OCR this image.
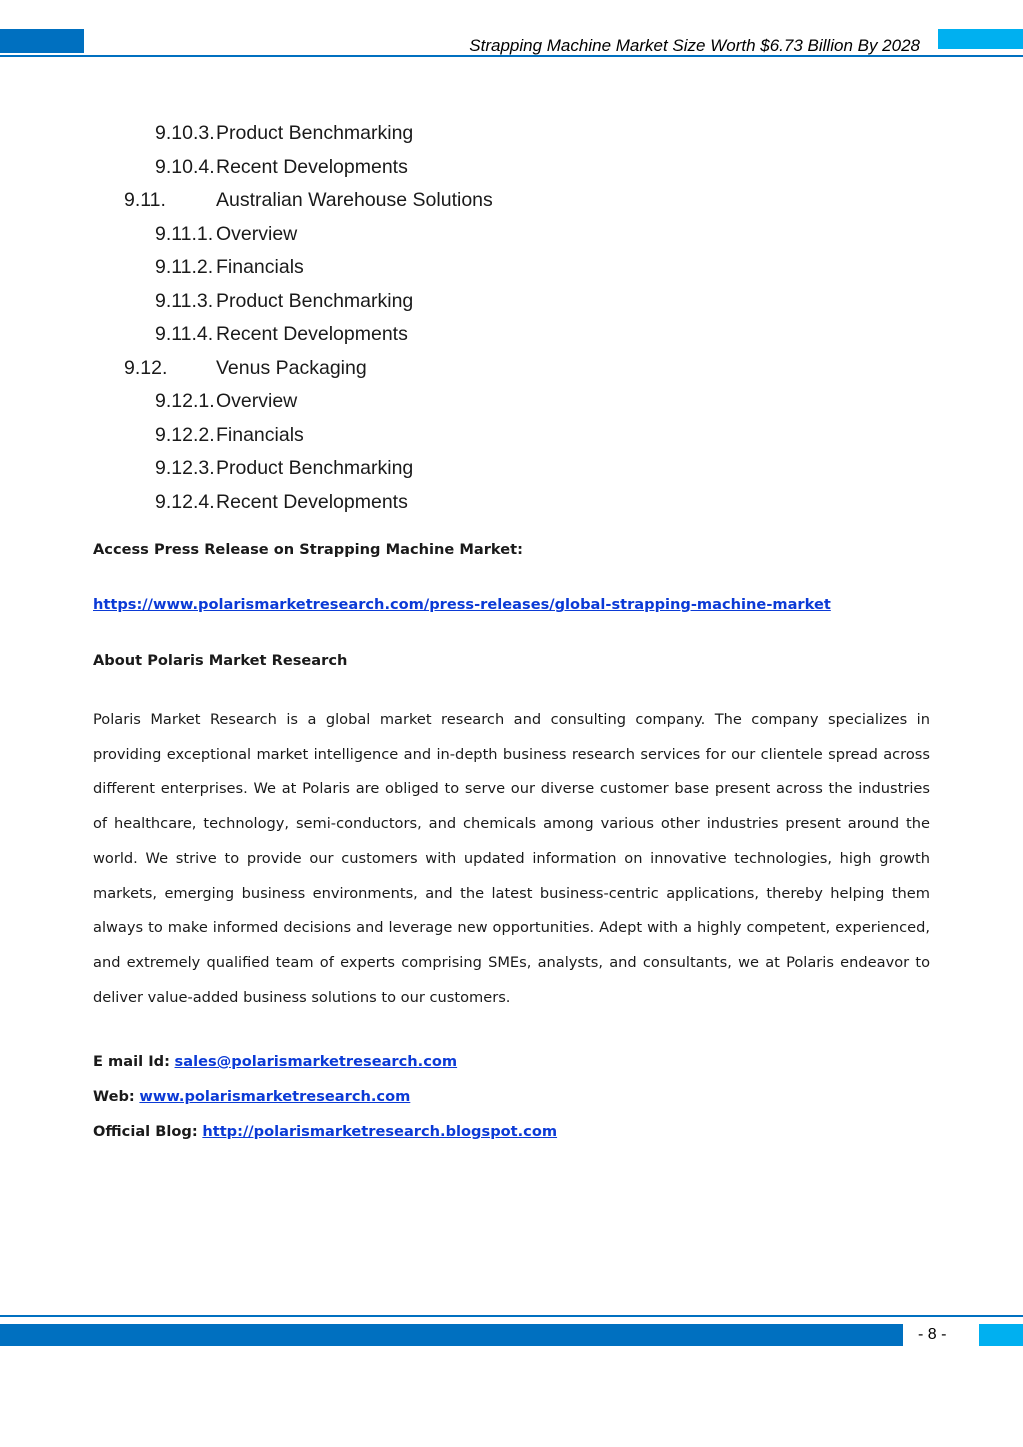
Strapping Machine Market Size Worth $6.73 Billion By 2028
9.10.3. Product Benchmarking
9.10.4. Recent Developments
9.11.	Australian Warehouse Solutions
9.11.1. Overview
9.11.2. Financials
9.11.3. Product Benchmarking
9.11.4. Recent Developments
9.12. Venus Packaging
9.12.1. Overview
9.12.2. Financials
9.12.3. Product Benchmarking
9.12.4. Recent Developments
Access Press Release on Strapping Machine Market:
https://www.polarismarketresearch.com/press-releases/global-strapping-machine-market
About Polaris Market Research
Polaris Market Research is a global market research and consulting company. The company specializes in providing exceptional market intelligence and in-depth business research services for our clientele spread across different enterprises. We at Polaris are obliged to serve our diverse customer base present across the industries of healthcare, technology, semi-conductors, and chemicals among various other industries present around the world. We strive to provide our customers with updated information on innovative technologies, high growth markets, emerging business environments, and the latest business-centric applications, thereby helping them always to make informed decisions and leverage new opportunities. Adept with a highly competent, experienced, and extremely qualified team of experts comprising SMEs, analysts, and consultants, we at Polaris endeavor to deliver value-added business solutions to our customers.
E mail Id: sales@polarismarketresearch.com
Web: www.polarismarketresearch.com
Official Blog: http://polarismarketresearch.blogspot.com
- 8 -
